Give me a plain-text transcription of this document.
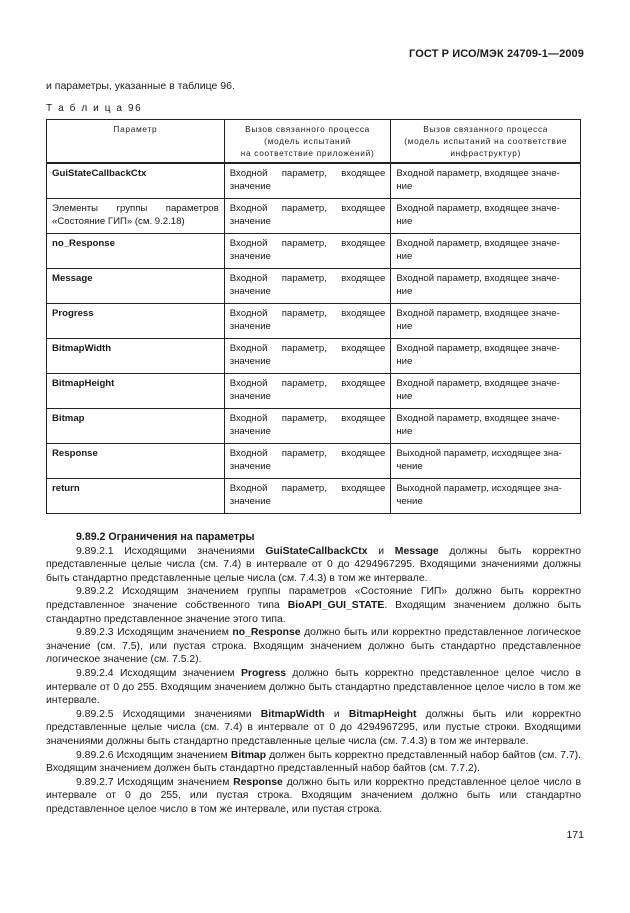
ГОСТ Р ИСО/МЭК 24709-1—2009
и параметры, указанные в таблице 96.
Т а б л и ц а 96
Параметр	Вызов связанного процесса
(модель испытаний
на соответствие приложений)	Вызов связанного процесса
(модель испытаний на соответствие
инфраструктур)
GuiStateCallbackCtx	Входной параметр, входящее значение	Входной параметр, входящее значе-
ние
Элементы группы параметров «Состояние ГИП» (см. 9.2.18)	Входной параметр, входящее значение	Входной параметр, входящее значе-
ние
no_Response	Входной параметр, входящее значение	Входной параметр, входящее значе-
ние
Message	Входной параметр, входящее значение	Входной параметр, входящее значе-
ние
Progress	Входной параметр, входящее значение	Входной параметр, входящее значе-
ние
BitmapWidth	Входной параметр, входящее значение	Входной параметр, входящее значе-
ние
BitmapHeight	Входной параметр, входящее значение	Входной параметр, входящее значе-
ние
Bitmap	Входной параметр, входящее значение	Входной параметр, входящее значе-
ние
Response	Входной параметр, входящее значение	Выходной параметр, исходящее зна-
чение
return	Входной параметр, входящее значение	Выходной параметр, исходящее зна-
чение
9.89.2 Ограничения на параметры

9.89.2.1 Исходящими значениями GuiStateCallbackCtx и Message должны быть корректно представленные целые числа (см. 7.4) в интервале от 0 до 4294967295. Входящими значениями должны быть стандартно представленные целые числа (см. 7.4.3) в том же интервале.

9.89.2.2 Исходящим значением группы параметров «Состояние ГИП» должно быть корректно представленное значение собственного типа BioAPI_GUI_STATE. Входящим значением должно быть стандартно представленное значение этого типа.

9.89.2.3 Исходящим значением no_Response должно быть или корректно представленное логическое значение (см. 7.5), или пустая строка. Входящим значением должно быть стандартно представленное логическое значение (см. 7.5.2).

9.89.2.4 Исходящим значением Progress должно быть корректно представленное целое число в интервале от 0 до 255. Входящим значением должно быть стандартно представленное целое число в том же интервале.

9.89.2.5 Исходящими значениями BitmapWidth и BitmapHeight должны быть или корректно представленные целые числа (см. 7.4) в интервале от 0 до 4294967295, или пустые строки. Входящими значениями должны быть стандартно представленные целые числа (см. 7.4.3) в том же интервале.

9.89.2.6 Исходящим значением Bitmap должен быть корректно представленный набор байтов (см. 7.7). Входящим значением должен быть стандартно представленный набор байтов (см. 7.7.2).

9.89.2.7 Исходящим значением Response должно быть или корректно представленное целое число в интервале от 0 до 255, или пустая строка. Входящим значением должно быть или стандартно представленное целое число в том же интервале, или пустая строка.

171
